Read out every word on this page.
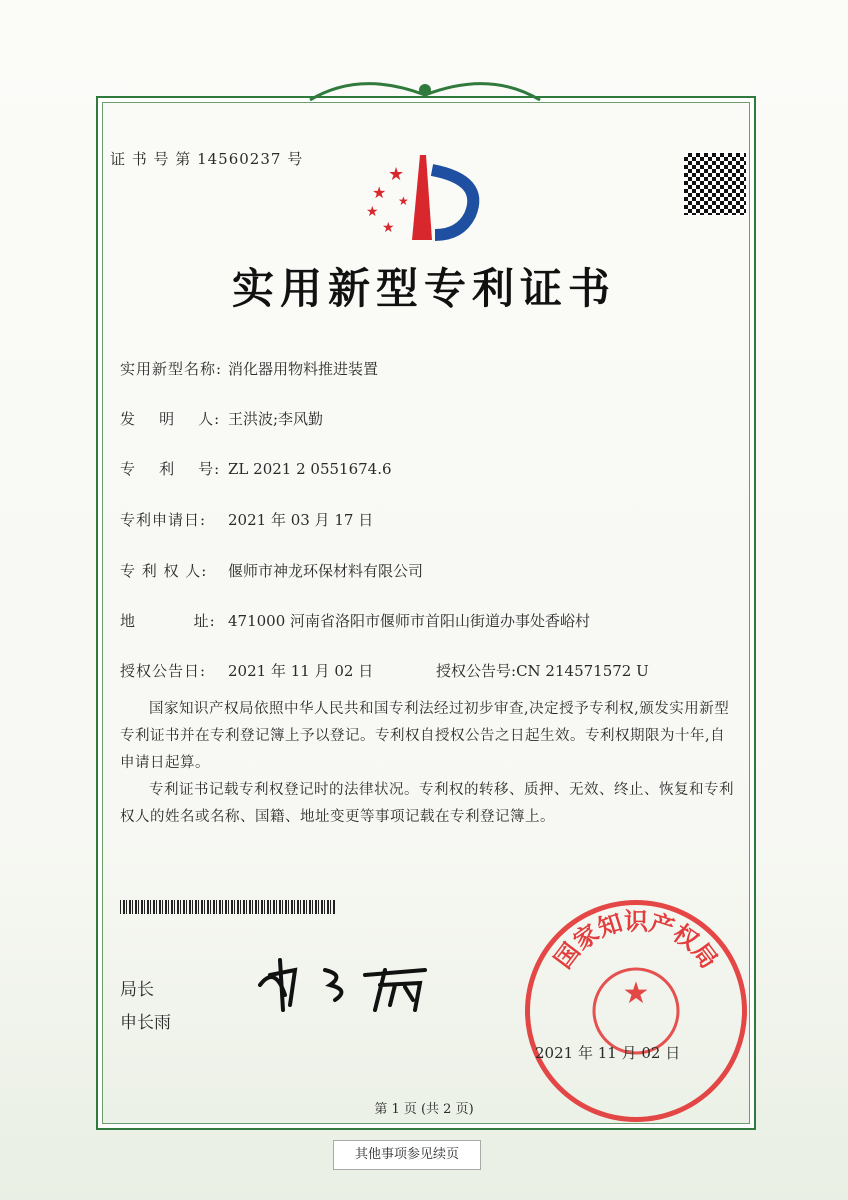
证 书 号 第 14560237 号
★
★
★
★
★
实用新型专利证书
实用新型名称: 消化器用物料推进装置
发    明    人: 王洪波;李风勤
专    利    号: ZL 2021 2 0551674.6
专利申请日: 2021 年 03 月 17 日
专 利 权 人: 偃师市神龙环保材料有限公司
地          址: 471000 河南省洛阳市偃师市首阳山街道办事处香峪村
授权公告日: 2021 年 11 月 02 日	授权公告号:CN 214571572 U

国家知识产权局依照中华人民共和国专利法经过初步审查,决定授予专利权,颁发实用新型专利证书并在专利登记簿上予以登记。专利权自授权公告之日起生效。专利权期限为十年,自申请日起算。

专利证书记载专利权登记时的法律状况。专利权的转移、质押、无效、终止、恢复和专利权人的姓名或名称、国籍、地址变更等事项记载在专利登记簿上。

局长
申长雨
国家知识产权局
★
2021 年 11 月 02 日
第 1 页 (共 2 页)
其他事项参见续页
